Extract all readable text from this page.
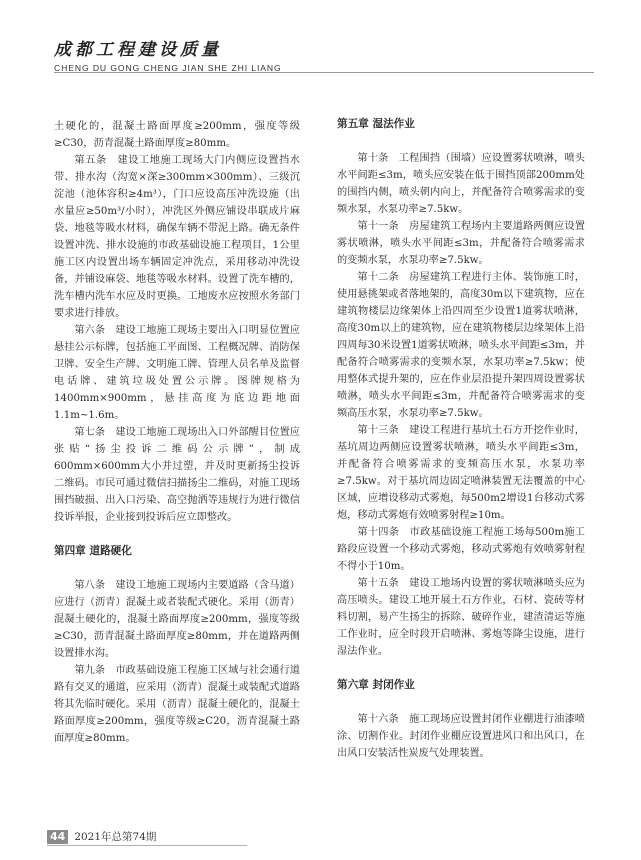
成都工程建设质量
CHENG DU GONG CHENG JIAN SHE ZHI LIANG

土硬化的，混凝土路面厚度≥200mm，强度等级≥C30，沥青混凝土路面厚度≥80mm。

第五条　建设工地施工现场大门内侧应设置挡水带、排水沟（沟宽×深≥300mm×300mm）、三级沉淀池（池体容积≥4m³），门口应设高压冲洗设施（出水量应≥50m³/小时），冲洗区外侧应铺设串联成片麻袋、地毯等吸水材料，确保车辆不带泥上路。确无条件设置冲洗、排水设施的市政基础设施工程项目，1公里施工区内设置出场车辆固定冲洗点，采用移动冲洗设备，并铺设麻袋、地毯等吸水材料。设置了洗车槽的，洗车槽内洗车水应及时更换。工地废水应按照水务部门要求进行排放。

第六条　建设工地施工现场主要出入口明显位置应悬挂公示标牌，包括施工平面图、工程概况牌、消防保卫牌、安全生产牌、文明施工牌、管理人员名单及监督电话牌、建筑垃圾处置公示牌。图牌规格为1400mm×900mm，悬挂高度为底边距地面1.1m~1.6m。

第七条　建设工地施工现场出入口外部醒目位置应张贴“扬尘投诉二维码公示牌”，制成600mm×600mm大小并过塑，并及时更新扬尘投诉二维码。市民可通过微信扫描扬尘二维码，对施工现场围挡破损、出入口污染、高空抛洒等违规行为进行微信投诉举报，企业接到投诉后应立即整改。

第四章 道路硬化

第八条　建设工地施工现场内主要道路（含马道）应进行（沥青）混凝土或者装配式硬化。采用（沥青）混凝土硬化的，混凝土路面厚度≥200mm，强度等级≥C30，沥青混凝土路面厚度≥80mm，并在道路两侧设置排水沟。

第九条　市政基础设施工程施工区域与社会通行道路有交叉的通道，应采用（沥青）混凝土或装配式道路将其先临时硬化。采用（沥青）混凝土硬化的，混凝土路面厚度≥200mm，强度等级≥C20，沥青混凝土路面厚度≥80mm。

第五章 湿法作业

第十条　工程围挡（围墙）应设置雾状喷淋，喷头水平间距≤3m，喷头应安装在低于围挡顶部200mm处的围挡内侧，喷头朝内向上，并配备符合喷雾需求的变频水泵，水泵功率≥7.5kw。

第十一条　房屋建筑工程场内主要道路两侧应设置雾状喷淋，喷头水平间距≤3m，并配备符合喷雾需求的变频水泵，水泵功率≥7.5kw。

第十二条　房屋建筑工程进行主体、装饰施工时，使用悬挑架或者落地架的，高度30m以下建筑物，应在建筑物楼层边缘架体上沿四周至少设置1道雾状喷淋，高度30m以上的建筑物，应在建筑物楼层边缘架体上沿四周每30米设置1道雾状喷淋，喷头水平间距≤3m，并配备符合喷雾需求的变频水泵，水泵功率≥7.5kw；使用整体式提升架的，应在作业层沿提升架四周设置雾状喷淋，喷头水平间距≤3m，并配备符合喷雾需求的变频高压水泵，水泵功率≥7.5kw。

第十三条　建设工程进行基坑土石方开挖作业时，基坑周边两侧应设置雾状喷淋，喷头水平间距≤3m，并配备符合喷雾需求的变频高压水泵，水泵功率≥7.5kw。对于基坑周边固定喷淋装置无法覆盖的中心区域，应增设移动式雾炮，每500m2增设1台移动式雾炮，移动式雾炮有效喷雾射程≥10m。

第十四条　市政基础设施工程施工场每500m施工路段应设置一个移动式雾炮，移动式雾炮有效喷雾射程不得小于10m。

第十五条　建设工地场内设置的雾状喷淋喷头应为高压喷头。建设工地开展土石方作业，石材、瓷砖等材料切割，易产生扬尘的拆除、破碎作业，建渣清运等施工作业时，应全时段开启喷淋、雾炮等降尘设施，进行湿法作业。

第六章 封闭作业

第十六条　施工现场应设置封闭作业棚进行油漆喷涂、切割作业。封闭作业棚应设置进风口和出风口，在出风口安装活性炭废气处理装置。

44 2021年总第74期
